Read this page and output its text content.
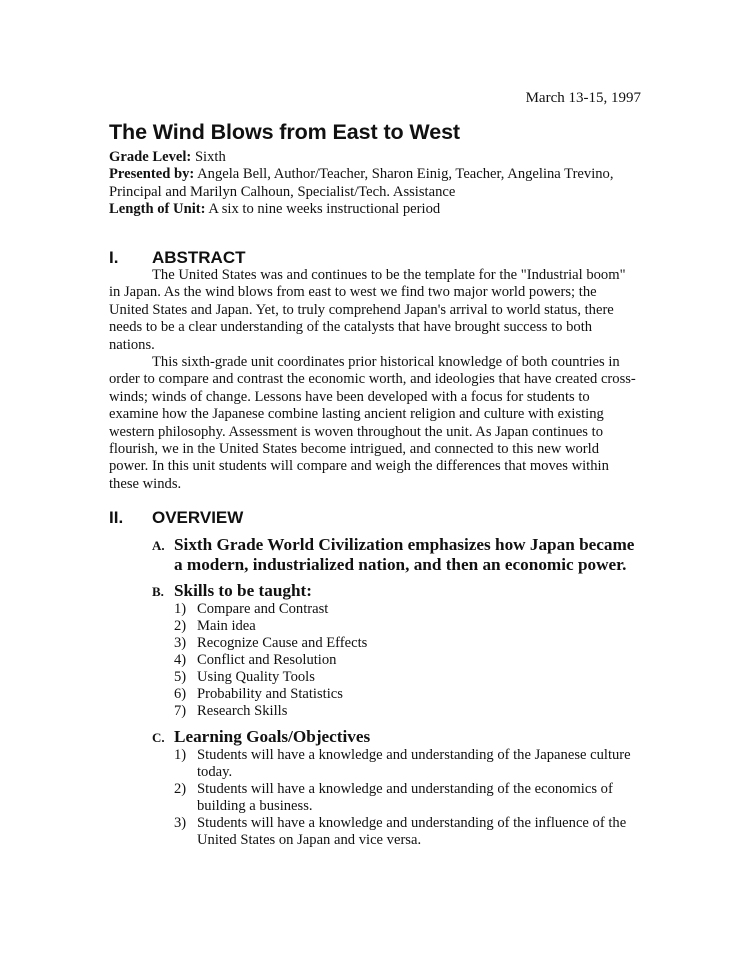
March 13-15, 1997
The Wind Blows from East to West

Grade Level: Sixth

Presented by: Angela Bell, Author/Teacher, Sharon Einig, Teacher, Angelina Trevino, Principal and Marilyn Calhoun, Specialist/Tech. Assistance

Length of Unit: A six to nine weeks instructional period

I. ABSTRACT

The United States was and continues to be the template for the "Industrial boom" in Japan. As the wind blows from east to west we find two major world powers; the United States and Japan. Yet, to truly comprehend Japan's arrival to world status, there needs to be a clear understanding of the catalysts that have brought success to both nations.

This sixth-grade unit coordinates prior historical knowledge of both countries in order to compare and contrast the economic worth, and ideologies that have created cross-winds; winds of change. Lessons have been developed with a focus for students to examine how the Japanese combine lasting ancient religion and culture with existing western philosophy. Assessment is woven throughout the unit. As Japan continues to flourish, we in the United States become intrigued, and connected to this new world power. In this unit students will compare and weigh the differences that moves within these winds.

II. OVERVIEW
A. Sixth Grade World Civilization emphasizes how Japan became a modern, industrialized nation, and then an economic power.
B. Skills to be taught:
1) Compare and Contrast
2) Main idea
3) Recognize Cause and Effects
4) Conflict and Resolution
5) Using Quality Tools
6) Probability and Statistics
7) Research Skills
C. Learning Goals/Objectives
1) Students will have a knowledge and understanding of the Japanese culture today.
2) Students will have a knowledge and understanding of the economics of building a business.
3) Students will have a knowledge and understanding of the influence of the United States on Japan and vice versa.
